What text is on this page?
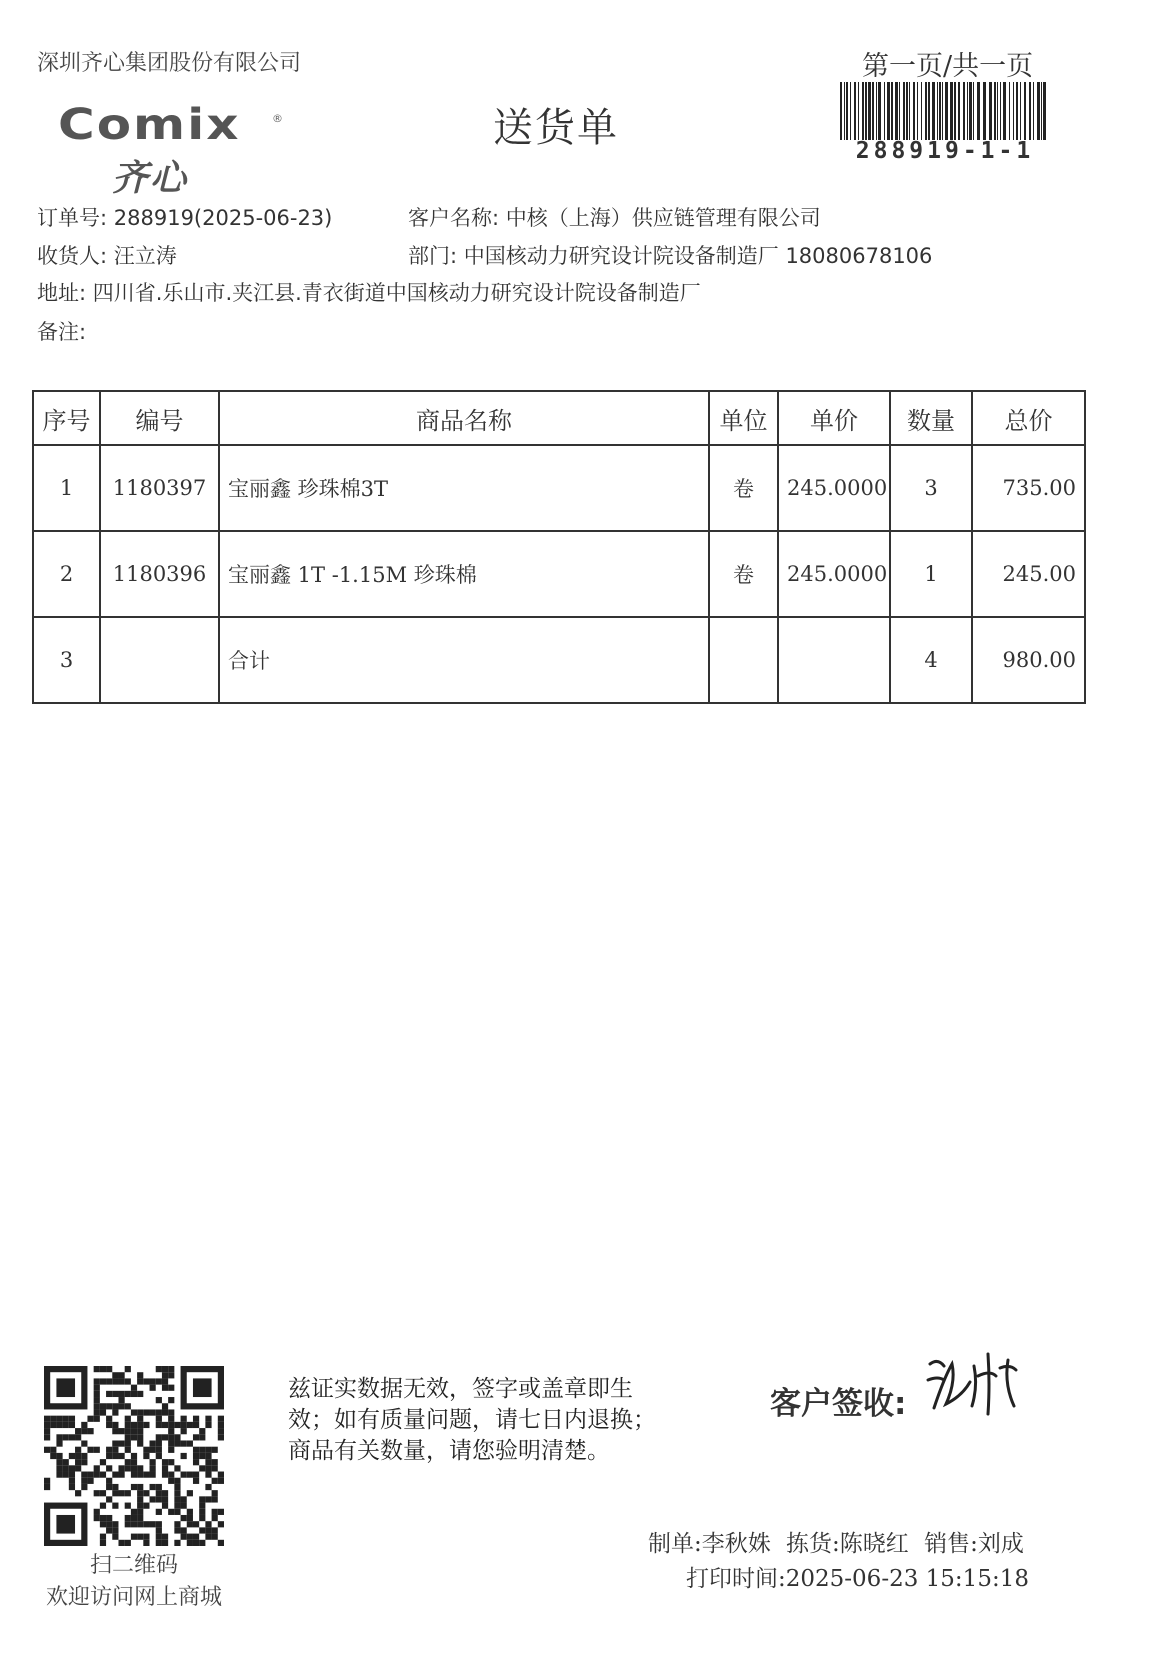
深圳齐心集团股份有限公司	第一页/共一页
288919-1-1
Comix	®
齐心
送货单
订单号: 288919(2025-06-23)	客户名称: 中核（上海）供应链管理有限公司
收货人: 汪立涛	部门: 中国核动力研究设计院设备制造厂 18080678106
地址: 四川省.乐山市.夹江县.青衣街道中国核动力研究设计院设备制造厂
备注:
序号	编号	商品名称	单位	单价	数量	总价
1	1180397	宝丽鑫 珍珠棉3T	卷	245.0000	3	735.00
2	1180396	宝丽鑫 1T -1.15M 珍珠棉	卷	245.0000	1	245.00
3		合计			4	980.00
扫二维码
欢迎访问网上商城
兹证实数据无效，签字或盖章即生
效；如有质量问题，请七日内退换；
商品有关数量，请您验明清楚。
客户签收:
制单:李秋姝 拣货:陈晓红 销售:刘成
打印时间:2025-06-23 15:15:18
